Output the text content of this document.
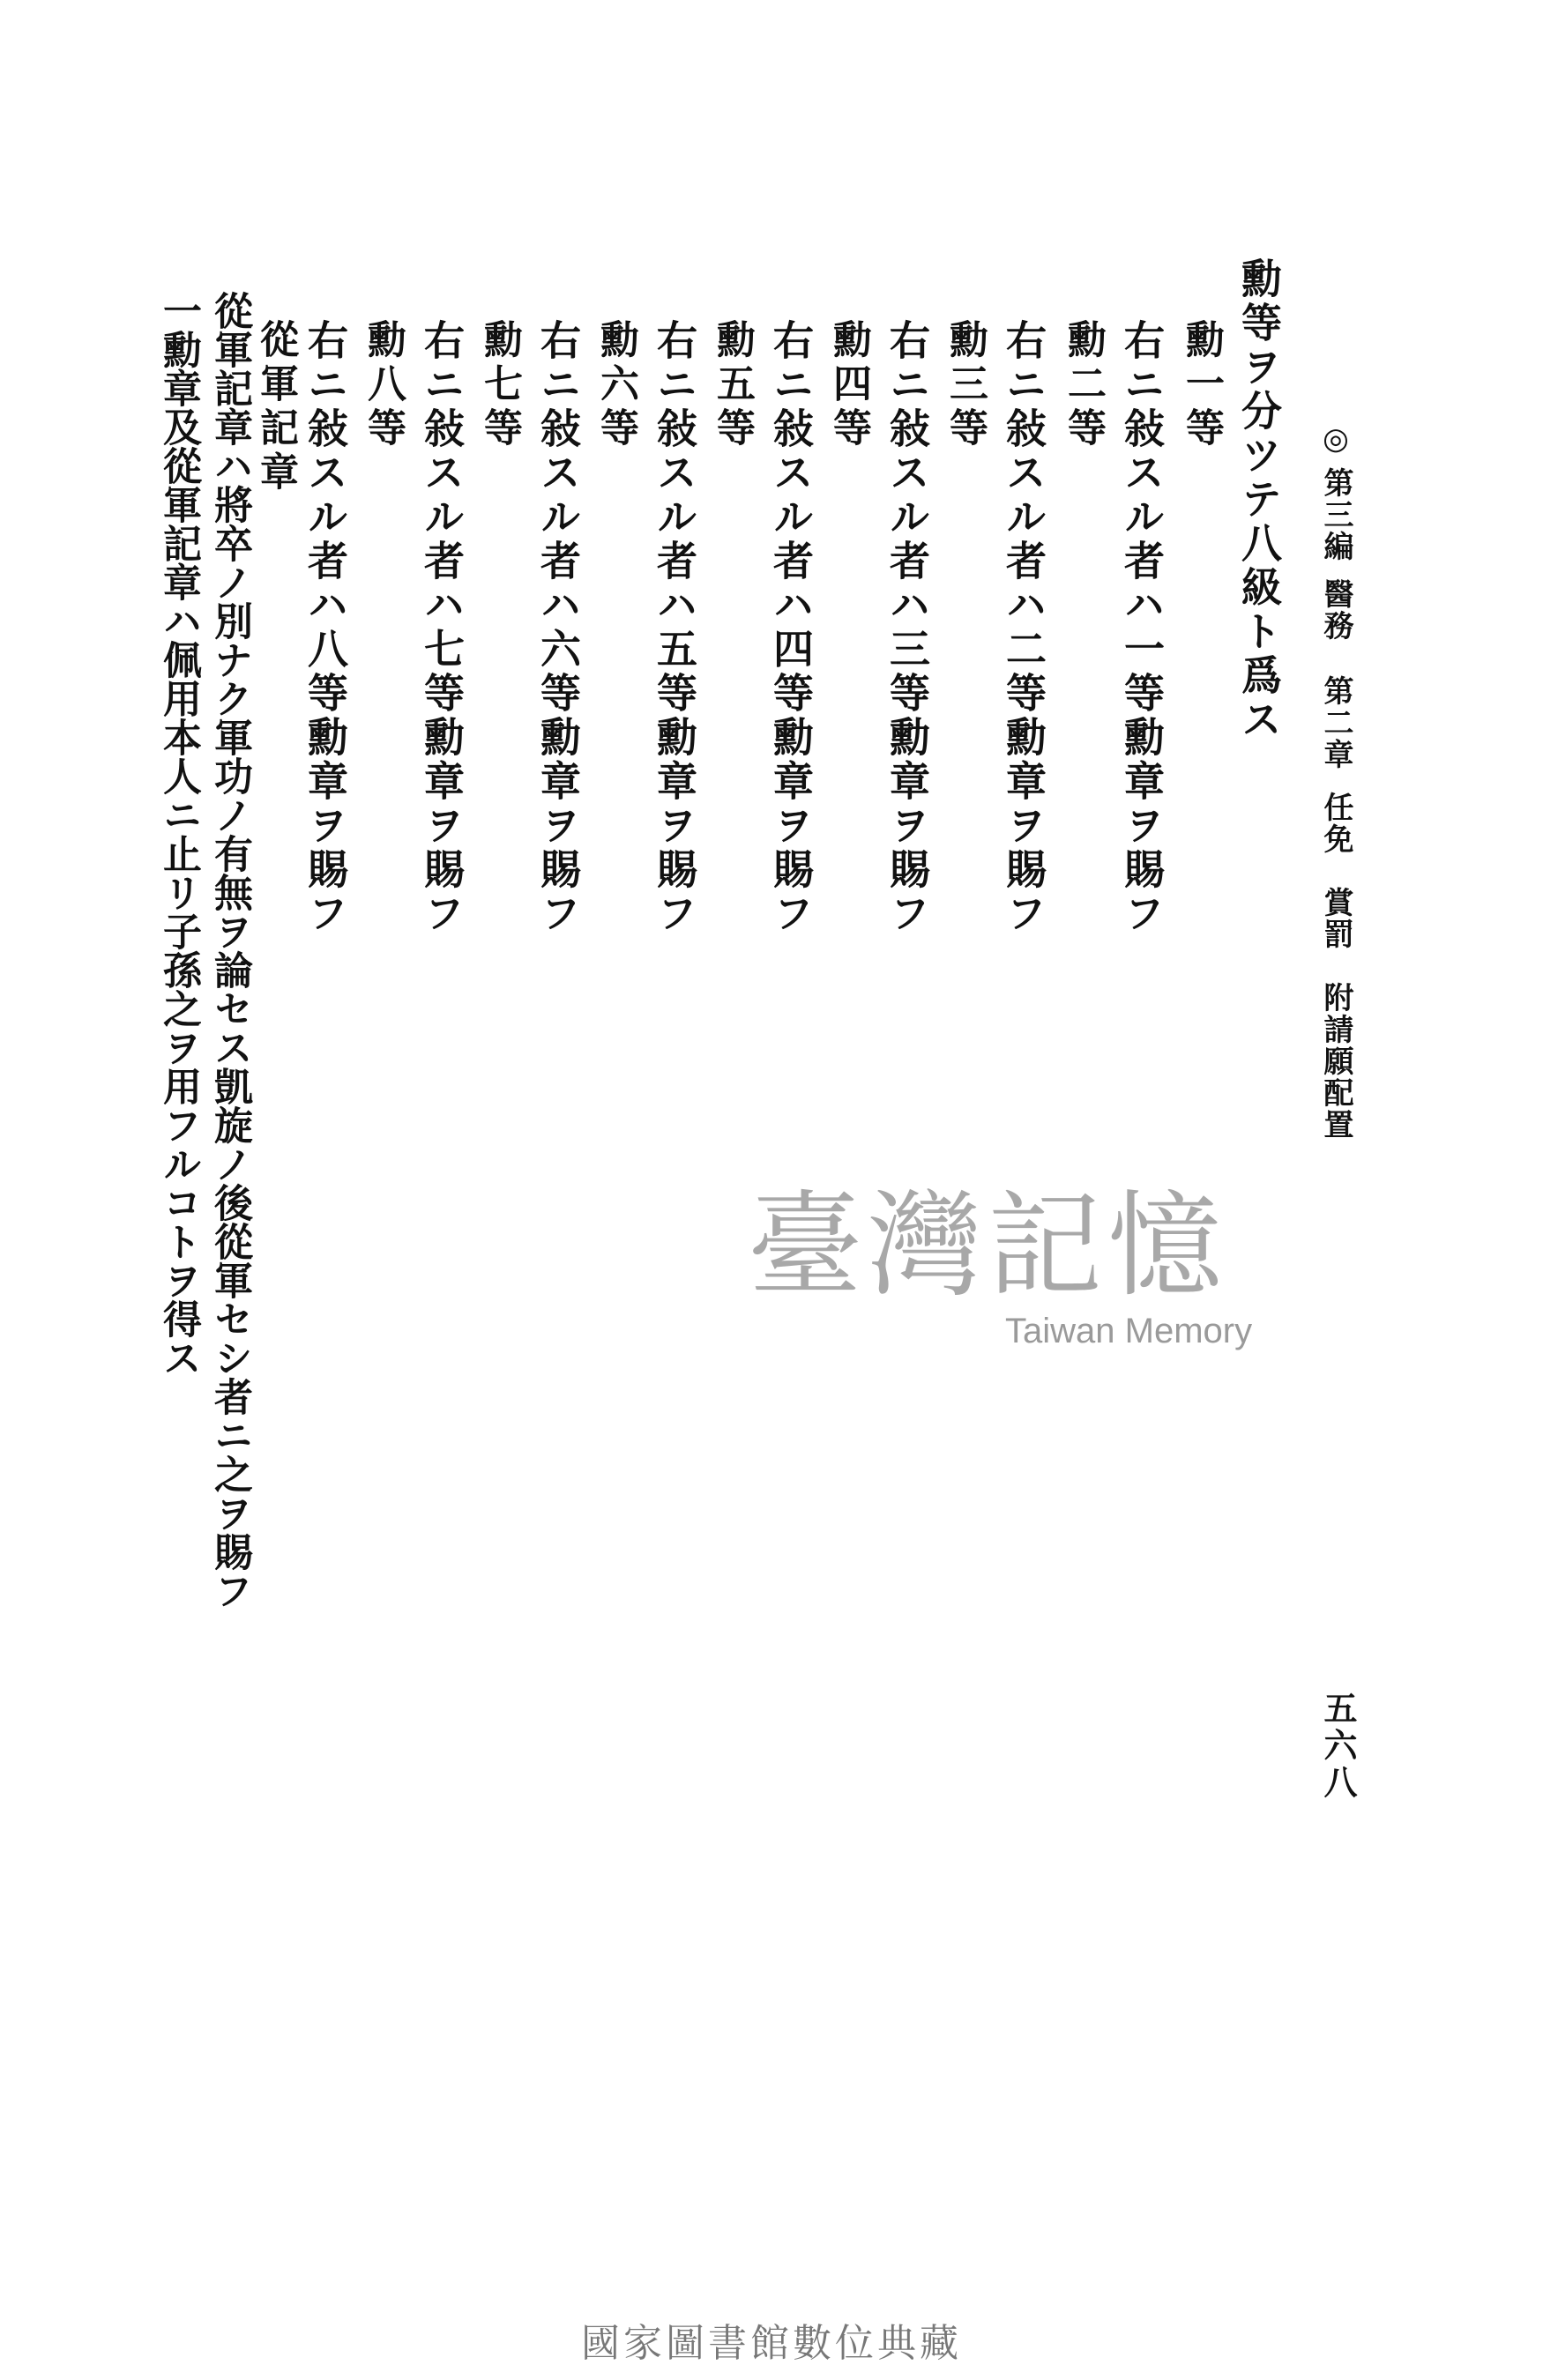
◎
第三編
醫務
第二章
任免
賞罰
附請願配置
五六八
勳等ヲ分ツテ八級ト爲ス
勳一等
右ニ敍スル者ハ一等勳章ヲ賜フ
勳二等
右ニ敍スル者ハ二等勳章ヲ賜フ
勳三等
右ニ敍スル者ハ三等勳章ヲ賜フ
勳四等
右ニ敍スル者ハ四等勳章ヲ賜フ
勳五等
右ニ敍スル者ハ五等勳章ヲ賜フ
勳六等
右ニ敍スル者ハ六等勳章ヲ賜フ
勳七等
右ニ敍スル者ハ七等勳章ヲ賜フ
勳八等
右ニ敍スル者ハ八等勳章ヲ賜フ
從軍記章
從軍記章ハ將卒ノ別ナク軍功ノ有無ヲ論セス凱旋ノ後從軍セシ者ニ之ヲ賜フ
一勳章及從軍記章ハ佩用本人ニ止リ子孫之ヲ用フルコトヲ得ス	臺灣記憶
Taiwan Memory
國家圖書館數位典藏
